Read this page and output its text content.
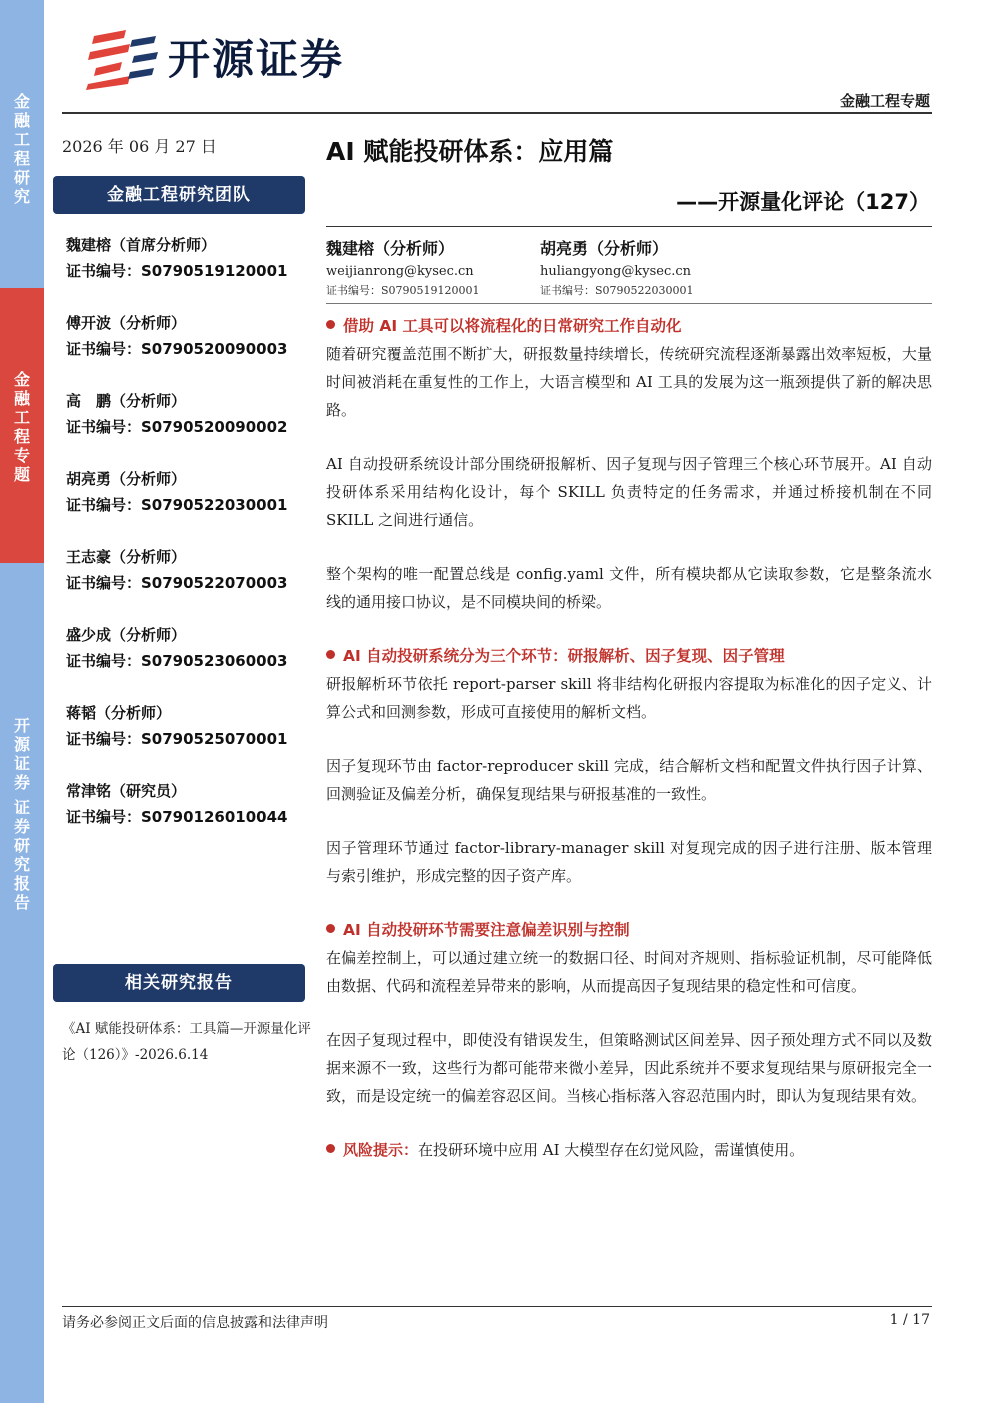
金
融
工
程
研
究
金
融
工
程
专
题
开
源
证
券
证
券
研
究
报
告
开源证券
金融工程专题
2026 年 06 月 27 日
金融工程研究团队
魏建榕（首席分析师）
证书编号：S0790519120001
傅开波（分析师）
证书编号：S0790520090003
高　鹏（分析师）
证书编号：S0790520090002
胡亮勇（分析师）
证书编号：S0790522030001
王志豪（分析师）
证书编号：S0790522070003
盛少成（分析师）
证书编号：S0790523060003
蒋韬（分析师）
证书编号：S0790525070001
常津铭（研究员）
证书编号：S0790126010044
相关研究报告
《AI 赋能投研体系：工具篇—开源量化评论（126）》-2026.6.14
AI 赋能投研体系：应用篇
——开源量化评论（127）
魏建榕（分析师）
weijianrong@kysec.cn
证书编号：S0790519120001
胡亮勇（分析师）
huliangyong@kysec.cn
证书编号：S0790522030001
借助 AI 工具可以将流程化的日常研究工作自动化
随着研究覆盖范围不断扩大，研报数量持续增长，传统研究流程逐渐暴露出效率短板，大量时间被消耗在重复性的工作上，大语言模型和 AI 工具的发展为这一瓶颈提供了新的解决思路。
AI 自动投研系统设计部分围绕研报解析、因子复现与因子管理三个核心环节展开。AI 自动投研体系采用结构化设计，每个 SKILL 负责特定的任务需求，并通过桥接机制在不同 SKILL 之间进行通信。
整个架构的唯一配置总线是 config.yaml 文件，所有模块都从它读取参数，它是整条流水线的通用接口协议，是不同模块间的桥梁。
AI 自动投研系统分为三个环节：研报解析、因子复现、因子管理
研报解析环节依托 report-parser skill 将非结构化研报内容提取为标准化的因子定义、计算公式和回测参数，形成可直接使用的解析文档。
因子复现环节由 factor-reproducer skill 完成，结合解析文档和配置文件执行因子计算、回测验证及偏差分析，确保复现结果与研报基准的一致性。
因子管理环节通过 factor-library-manager skill 对复现完成的因子进行注册、版本管理与索引维护，形成完整的因子资产库。
AI 自动投研环节需要注意偏差识别与控制
在偏差控制上，可以通过建立统一的数据口径、时间对齐规则、指标验证机制，尽可能降低由数据、代码和流程差异带来的影响，从而提高因子复现结果的稳定性和可信度。
在因子复现过程中，即使没有错误发生，但策略测试区间差异、因子预处理方式不同以及数据来源不一致，这些行为都可能带来微小差异，因此系统并不要求复现结果与原研报完全一致，而是设定统一的偏差容忍区间。当核心指标落入容忍范围内时，即认为复现结果有效。
风险提示：在投研环境中应用 AI 大模型存在幻觉风险，需谨慎使用。
请务必参阅正文后面的信息披露和法律声明	1 / 17
